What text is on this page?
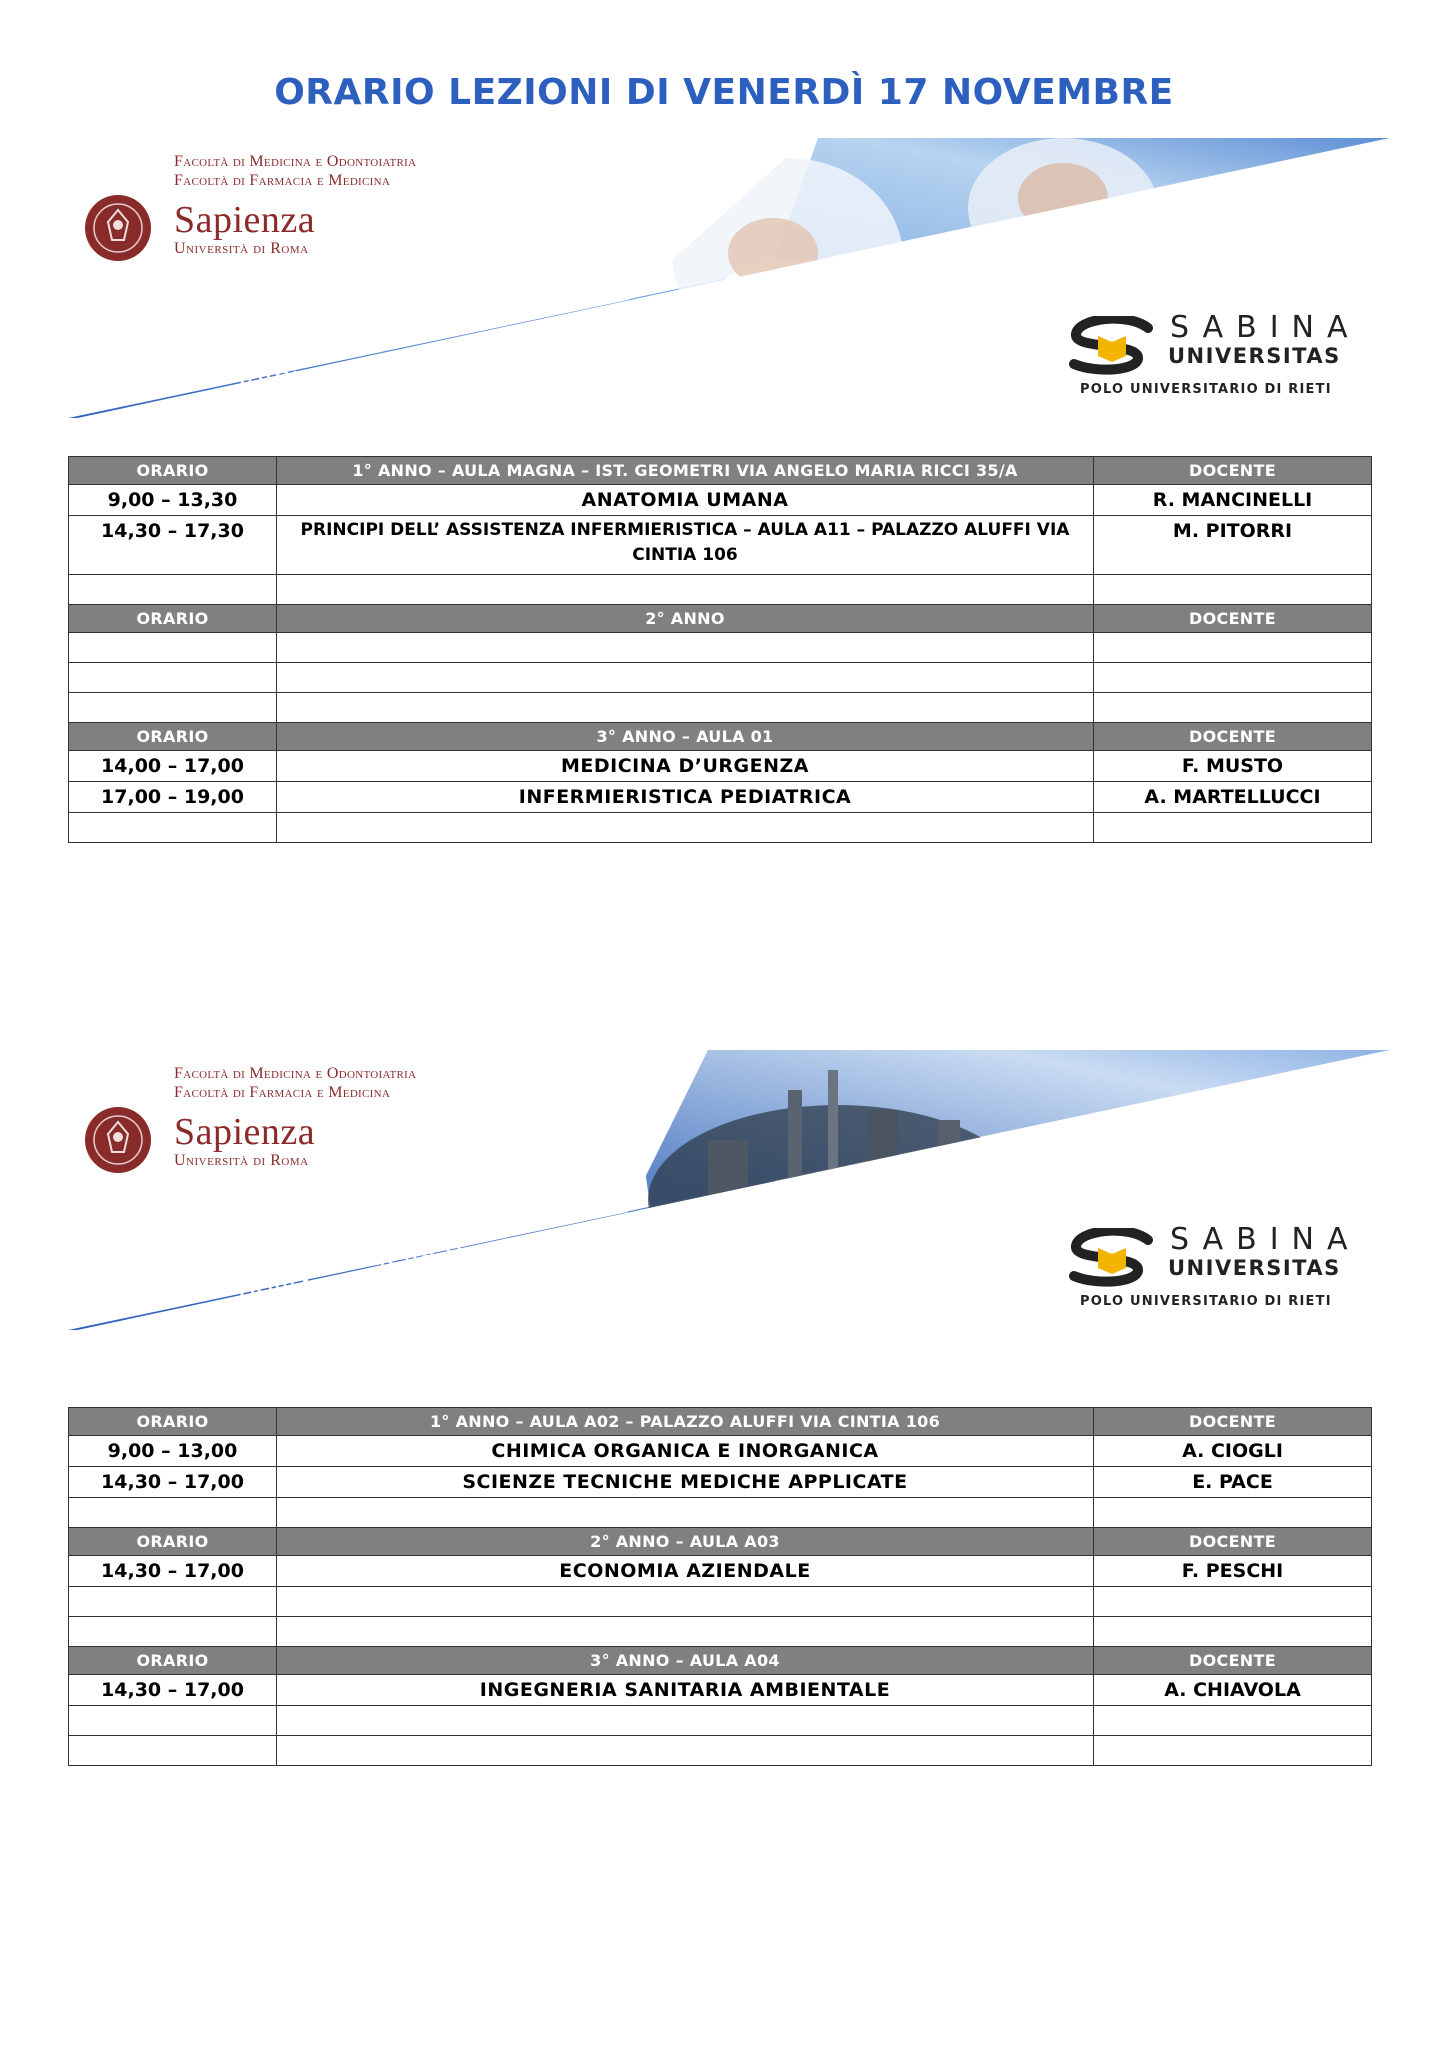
ORARIO LEZIONI DI VENERDÌ 17 NOVEMBRE
Facoltà di Medicina e Odontoiatria
Facoltà di Farmacia e Medicina
Sapienza
Università di Roma
Infermieristica
SABINA
UNIVERSITAS
POLO UNIVERSITARIO DI RIETI
ORARIO	1° ANNO – AULA MAGNA – IST. GEOMETRI VIA ANGELO MARIA RICCI 35/A	DOCENTE
9,00 – 13,30	ANATOMIA UMANA	R. MANCINELLI
14,30 – 17,30	PRINCIPI DELL’ ASSISTENZA INFERMIERISTICA – AULA A11 – PALAZZO ALUFFI VIA CINTIA 106	M. PITORRI

ORARIO	2° ANNO	DOCENTE

ORARIO	3° ANNO – AULA 01	DOCENTE
14,00 – 17,00	MEDICINA D’URGENZA	F. MUSTO
17,00 – 19,00	INFERMIERISTICA PEDIATRICA	A. MARTELLUCCI

Facoltà di Medicina e Odontoiatria
Facoltà di Farmacia e Medicina
Sapienza
Università di Roma
Tecniche della Prevenzione
nell'Ambiente e nei Luoghi di Lavoro
SABINA
UNIVERSITAS
POLO UNIVERSITARIO DI RIETI
ORARIO	1° ANNO – AULA A02 – PALAZZO ALUFFI VIA CINTIA 106	DOCENTE
9,00 – 13,00	CHIMICA ORGANICA E INORGANICA	A. CIOGLI
14,30 – 17,00	SCIENZE TECNICHE MEDICHE APPLICATE	E. PACE

ORARIO	2° ANNO – AULA A03	DOCENTE
14,30 – 17,00	ECONOMIA AZIENDALE	F. PESCHI

ORARIO	3° ANNO – AULA A04	DOCENTE
14,30 – 17,00	INGEGNERIA SANITARIA AMBIENTALE	A. CHIAVOLA
